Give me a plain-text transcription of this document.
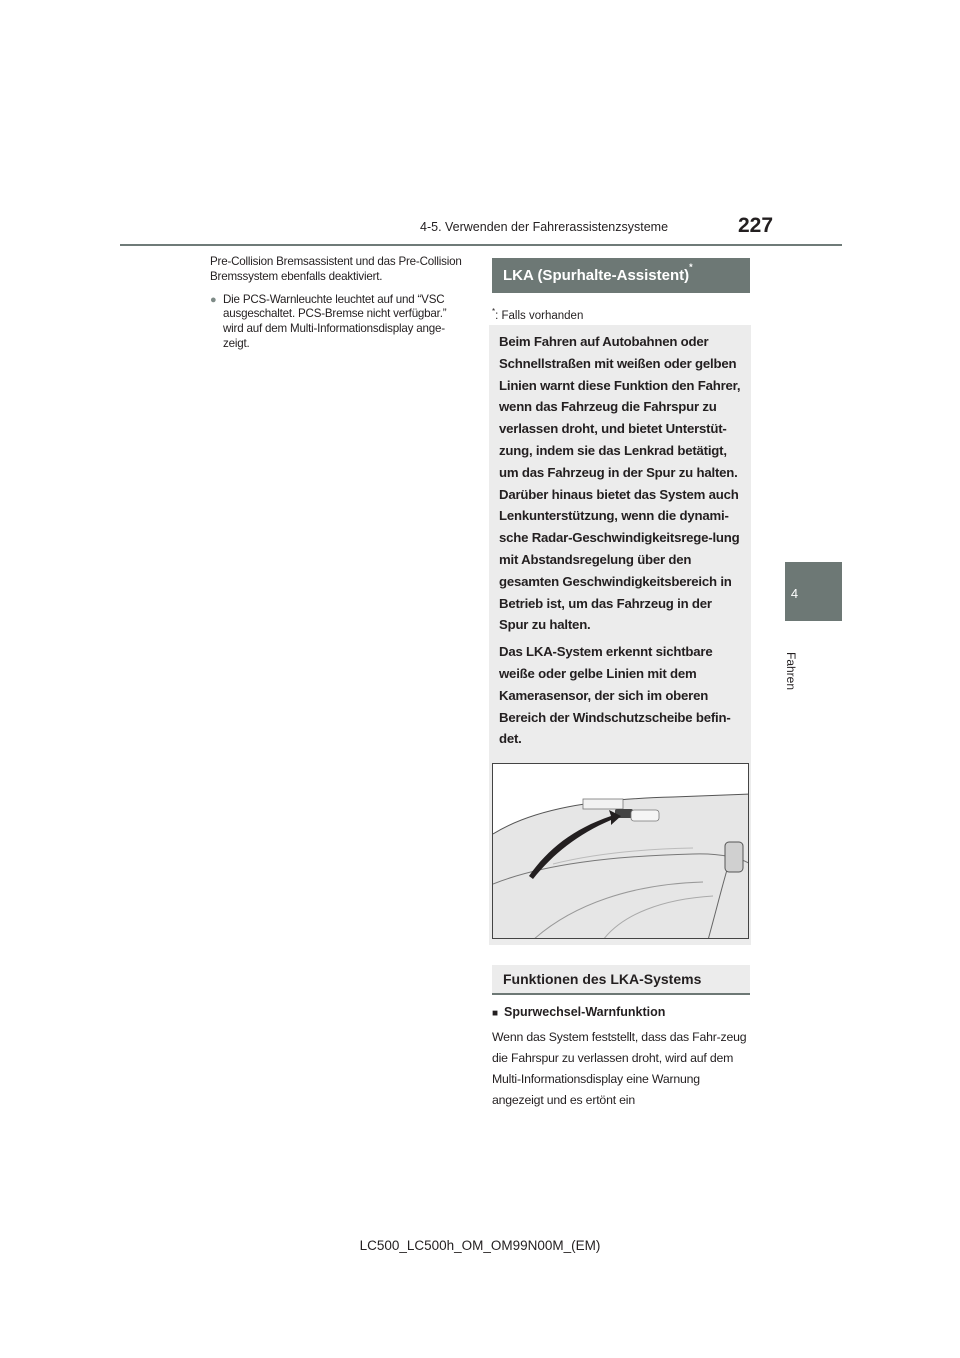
4-5. Verwenden der Fahrerassistenzsysteme	227
4
Fahren

Pre-Collision Bremsassistent und das Pre-Collision Bremssystem ebenfalls deaktiviert.

● Die PCS-Warnleuchte leuchtet auf und “VSC ausgeschaltet. PCS-Bremse nicht verfügbar.” wird auf dem Multi-Informationsdisplay ange-zeigt.
LKA (Spurhalte-Assistent)*
*: Falls vorhanden

Beim Fahren auf Autobahnen oder Schnellstraßen mit weißen oder gelben Linien warnt diese Funktion den Fahrer, wenn das Fahrzeug die Fahrspur zu verlassen droht, und bietet Unterstüt-zung, indem sie das Lenkrad betätigt, um das Fahrzeug in der Spur zu halten. Darüber hinaus bietet das System auch Lenkunterstützung, wenn die dynami-sche Radar-Geschwindigkeitsrege-lung mit Abstandsregelung über den gesamten Geschwindigkeitsbereich in Betrieb ist, um das Fahrzeug in der Spur zu halten.

Das LKA-System erkennt sichtbare weiße oder gelbe Linien mit dem Kamerasensor, der sich im oberen Bereich der Windschutzscheibe befin-det.

Funktionen des LKA-Systems
■ Spurwechsel-Warnfunktion
Wenn das System feststellt, dass das Fahr-zeug die Fahrspur zu verlassen droht, wird auf dem Multi-Informationsdisplay eine Warnung angezeigt und es ertönt ein
LC500_LC500h_OM_OM99N00M_(EM)
